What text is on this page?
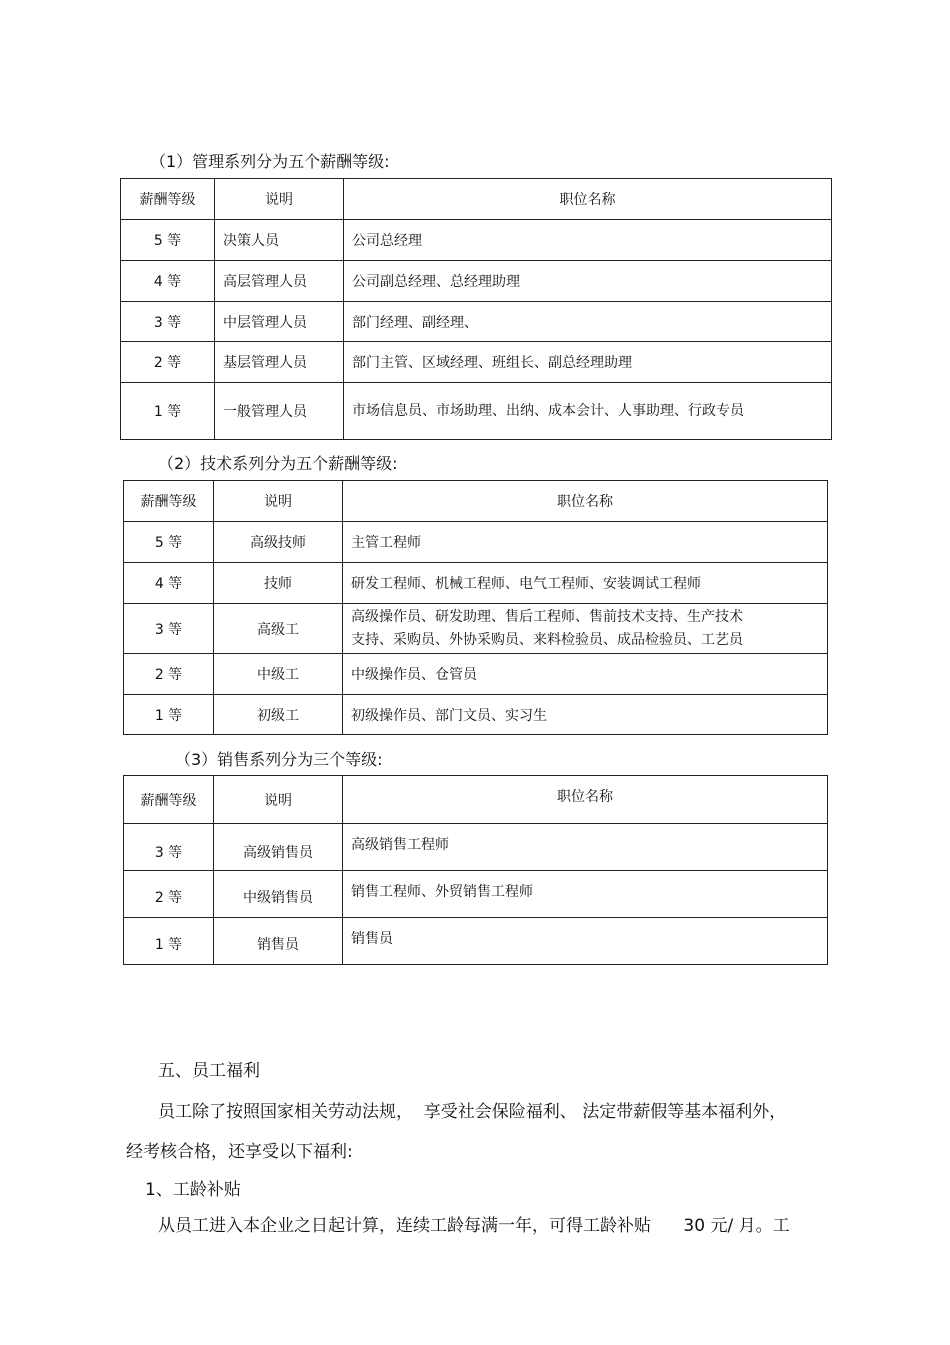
（1）管理系列分为五个薪酬等级:
薪酬等级	说明	职位名称
5 等	决策人员	公司总经理
4 等	高层管理人员	公司副总经理、总经理助理
3 等	中层管理人员	部门经理、副经理、
2 等	基层管理人员	部门主管、区域经理、班组长、副总经理助理
1 等	一般管理人员	市场信息员、市场助理、出纳、成本会计、人事助理、行政专员
（2）技术系列分为五个薪酬等级:
薪酬等级	说明	职位名称
5 等	高级技师	主管工程师
4 等	技师	研发工程师、机械工程师、电气工程师、安装调试工程师
3 等	高级工	高级操作员、研发助理、售后工程师、售前技术支持、生产技术
支持、采购员、外协采购员、来料检验员、成品检验员、工艺员

2 等	中级工	中级操作员、仓管员
1 等	初级工	初级操作员、部门文员、实习生
（3）销售系列分为三个等级:
薪酬等级	说明	职位名称
3 等	高级销售员	高级销售工程师
2 等	中级销售员	销售工程师、外贸销售工程师
1 等	销售员	销售员
五、员工福利
员工除了按照国家相关劳动法规，  享受社会保险福利、 法定带薪假等基本福利外，
经考核合格，还享受以下福利:
1、工龄补贴
从员工进入本企业之日起计算，连续工龄每满一年，可得工龄补贴      30 元/ 月。工
